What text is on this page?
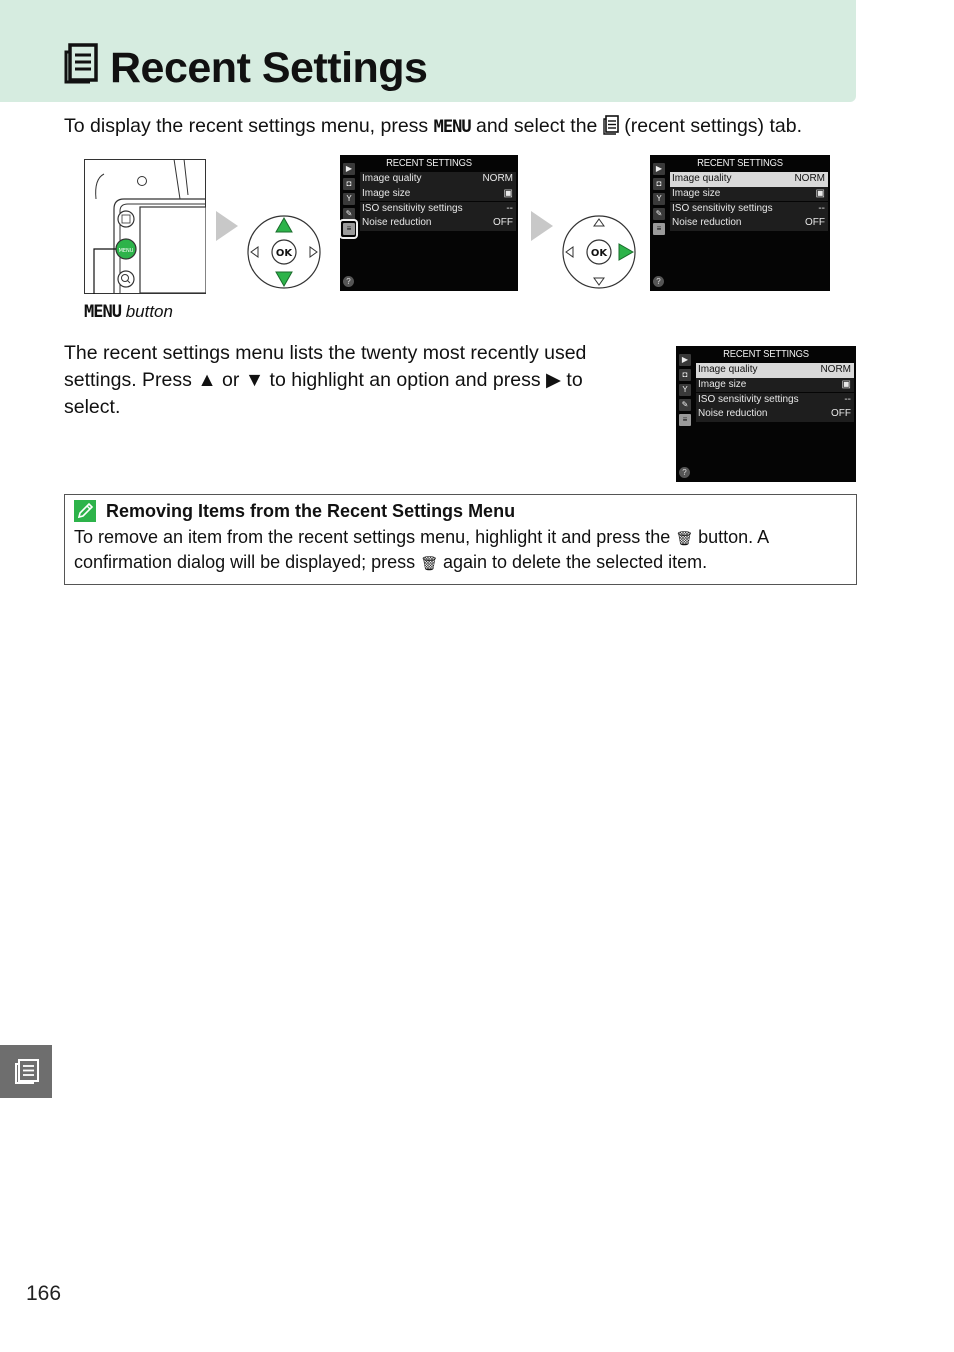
Recent Settings
To display the recent settings menu, press MENU and select the  (recent settings) tab.
MENU
MENU button
OK
RECENT SETTINGS
▶
◘
Y
✎
≡
?
Image quality	NORM
Image size	▣
ISO sensitivity settings	--
Noise reduction	OFF
OK
RECENT SETTINGS
▶
◘
Y
✎
≡
?
Image quality	NORM
Image size	▣
ISO sensitivity settings	--
Noise reduction	OFF
The recent settings menu lists the twenty most recently used
settings. Press ▲ or ▼ to highlight an option and press ▶ to
select.
RECENT SETTINGS
▶
◘
Y
✎
≡
?
Image quality	NORM
Image size	▣
ISO sensitivity settings	--
Noise reduction	OFF
Removing Items from the Recent Settings Menu
To remove an item from the recent settings menu, highlight it and press the 🗑 button. A
confirmation dialog will be displayed; press 🗑 again to delete the selected item.
166
